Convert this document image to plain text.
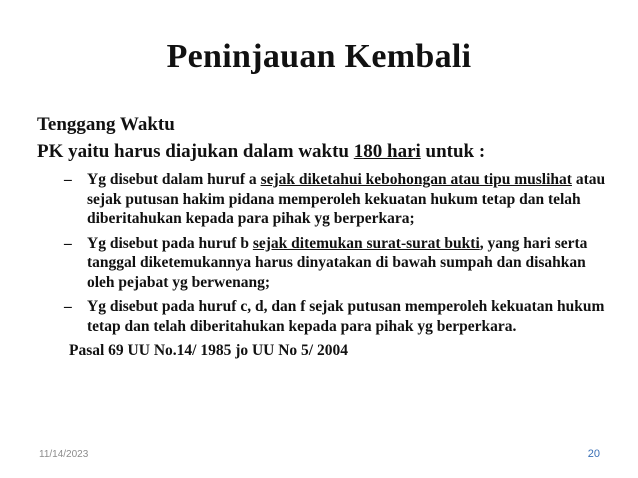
Peninjauan Kembali
Tenggang Waktu
PK yaitu harus diajukan dalam waktu 180 hari untuk :
– Yg disebut dalam huruf a sejak diketahui kebohongan atau tipu muslihat atau sejak putusan hakim pidana memperoleh kekuatan hukum tetap dan telah diberitahukan kepada para pihak yg berperkara;
– Yg disebut pada huruf b sejak ditemukan surat-surat bukti, yang hari serta tanggal diketemukannya harus dinyatakan di bawah sumpah dan disahkan oleh pejabat yg berwenang;
– Yg disebut pada huruf c, d, dan f sejak putusan memperoleh kekuatan hukum tetap dan telah diberitahukan kepada para pihak yg berperkara.
Pasal 69 UU No.14/ 1985 jo UU No 5/ 2004
11/14/2023	20
